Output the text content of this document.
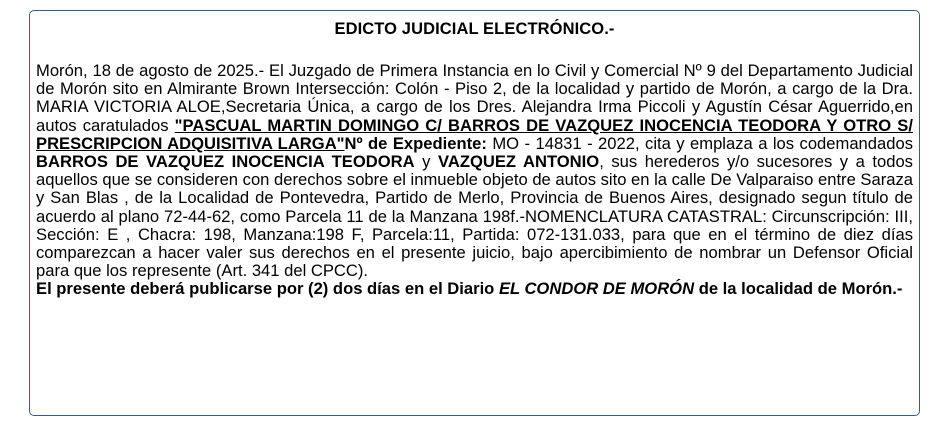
EDICTO JUDICIAL ELECTRÓNICO.-
Morón, 18 de agosto de 2025.- El Juzgado de Primera Instancia en lo Civil y Comercial Nº 9 del Departamento Judicial de Morón sito en Almirante Brown Intersección: Colón - Piso 2, de la localidad y partido de Morón, a cargo de la Dra. MARIA VICTORIA ALOE,Secretaria Única, a cargo de los Dres. Alejandra Irma Piccoli y Agustín César Aguerrido,en autos caratulados "PASCUAL MARTIN DOMINGO C/ BARROS DE VAZQUEZ INOCENCIA TEODORA Y OTRO S/ PRESCRIPCION ADQUISITIVA LARGA"Nº de Expediente: MO - 14831 - 2022, cita y emplaza a los codemandados BARROS DE VAZQUEZ INOCENCIA TEODORA y VAZQUEZ ANTONIO, sus herederos y/o sucesores y a todos aquellos que se consideren con derechos sobre el inmueble objeto de autos sito en la calle De Valparaiso entre Saraza y San Blas , de la Localidad de Pontevedra, Partido de Merlo, Provincia de Buenos Aires, designado segun título de acuerdo al plano 72-44-62, como Parcela 11 de la Manzana 198f.-NOMENCLATURA CATASTRAL: Circunscripción: III, Sección: E , Chacra: 198, Manzana:198 F, Parcela:11, Partida: 072-131.033, para que en el término de diez días comparezcan a hacer valer sus derechos en el presente juicio, bajo apercibimiento de nombrar un Defensor Oficial para que los represente (Art. 341 del CPCC).
El presente deberá publicarse por (2) dos días en el Diario EL CONDOR DE MORÓN de la localidad de Morón.-
